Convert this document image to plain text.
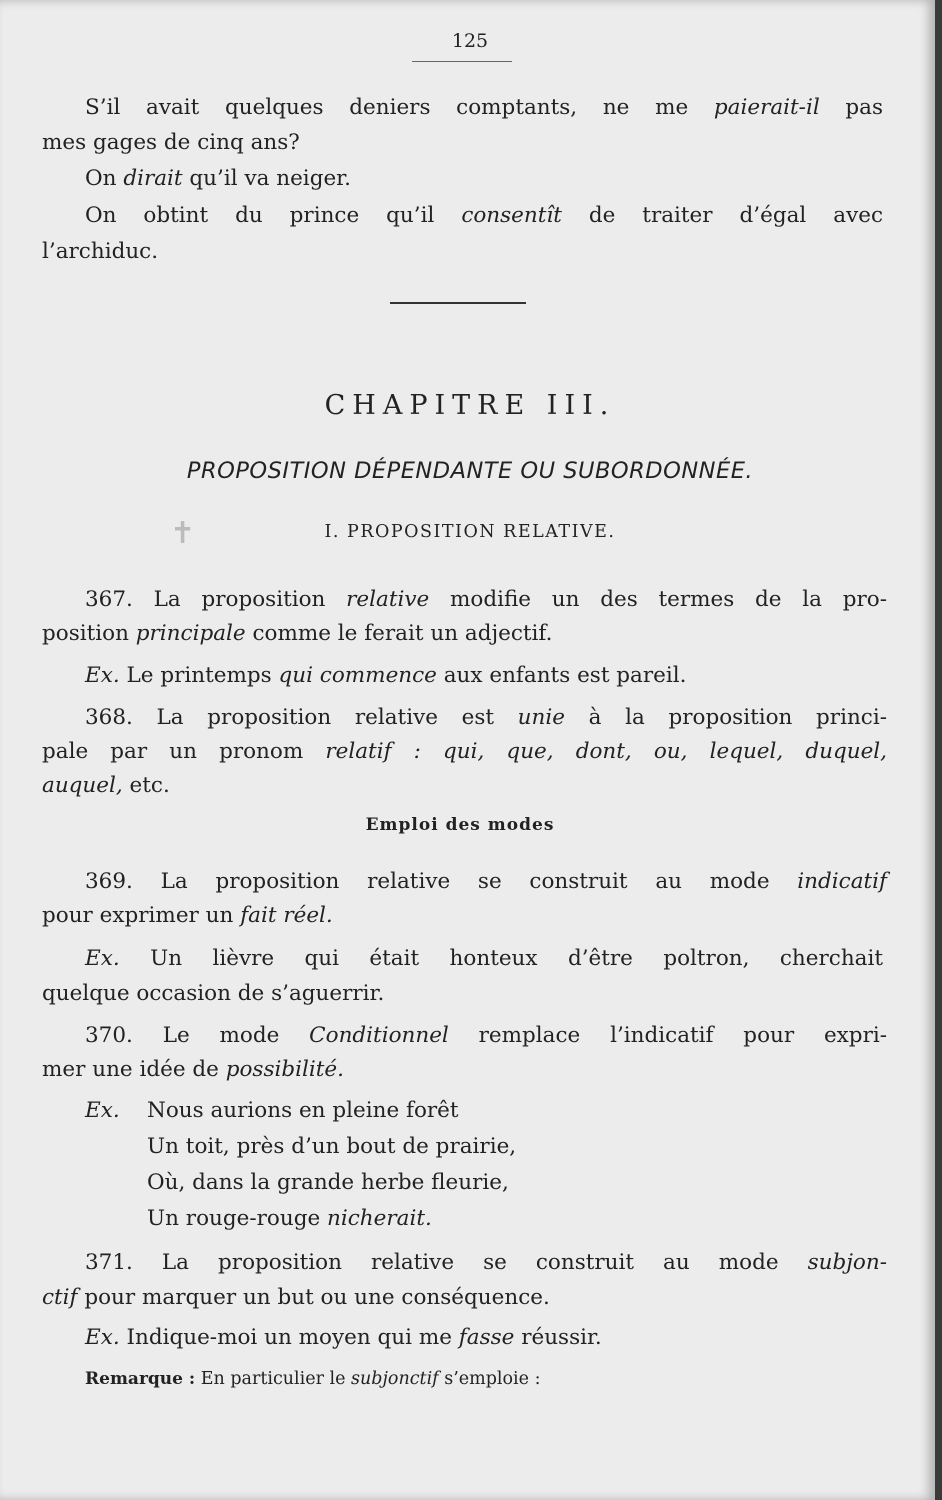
125
S’il avait quelques deniers comptants, ne me paierait-il pas
mes gages de cinq ans?
On dirait qu’il va neiger.
On obtint du prince qu’il consentît de traiter d’égal avec
l’archiduc.
CHAPITRE III.
PROPOSITION DÉPENDANTE OU SUBORDONNÉE.
✝	I. PROPOSITION RELATIVE.
367. La proposition relative modifie un des termes de la pro-
position principale comme le ferait un adjectif.
Ex. Le printemps qui commence aux enfants est pareil.
368. La proposition relative est unie à la proposition princi-
pale par un pronom relatif : qui, que, dont, ou, lequel, duquel,
auquel, etc.
Emploi des modes
369. La proposition relative se construit au mode indicatif
pour exprimer un fait réel.
Ex. Un lièvre qui était honteux d’être poltron, cherchait
quelque occasion de s’aguerrir.
370. Le mode Conditionnel remplace l’indicatif pour expri-
mer une idée de possibilité.
Ex. Nous aurions en pleine forêt
Un toit, près d’un bout de prairie,
Où, dans la grande herbe fleurie,
Un rouge-rouge nicherait.
371. La proposition relative se construit au mode subjon-
ctif pour marquer un but ou une conséquence.
Ex. Indique-moi un moyen qui me fasse réussir.
Remarque : En particulier le subjonctif s’emploie :
